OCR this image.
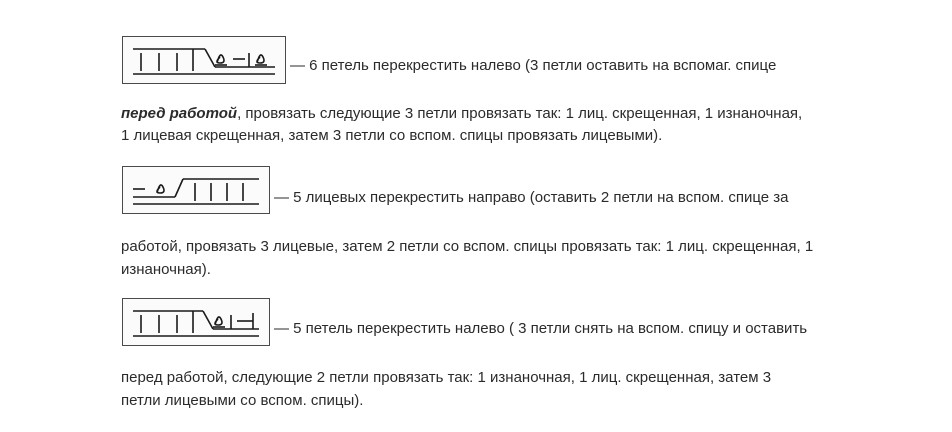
— 6 петель перекрестить налево (3 петли оставить на вспомаг. спице
перед работой, провязать следующие 3 петли провязать так: 1 лиц. скрещенная, 1 изнаночная,
1 лицевая скрещенная, затем 3 петли со вспом. спицы провязать лицевыми).
— 5 лицевых перекрестить направо (оставить 2 петли на вспом. спице за
работой, провязать 3 лицевые, затем 2 петли со вспом. спицы провязать так: 1 лиц. скрещенная, 1
изнаночная).
— 5 петель перекрестить налево ( 3 петли снять на вспом. спицу и оставить
перед работой, следующие 2 петли провязать так: 1 изнаночная, 1 лиц. скрещенная, затем 3
петли лицевыми со вспом. спицы).
